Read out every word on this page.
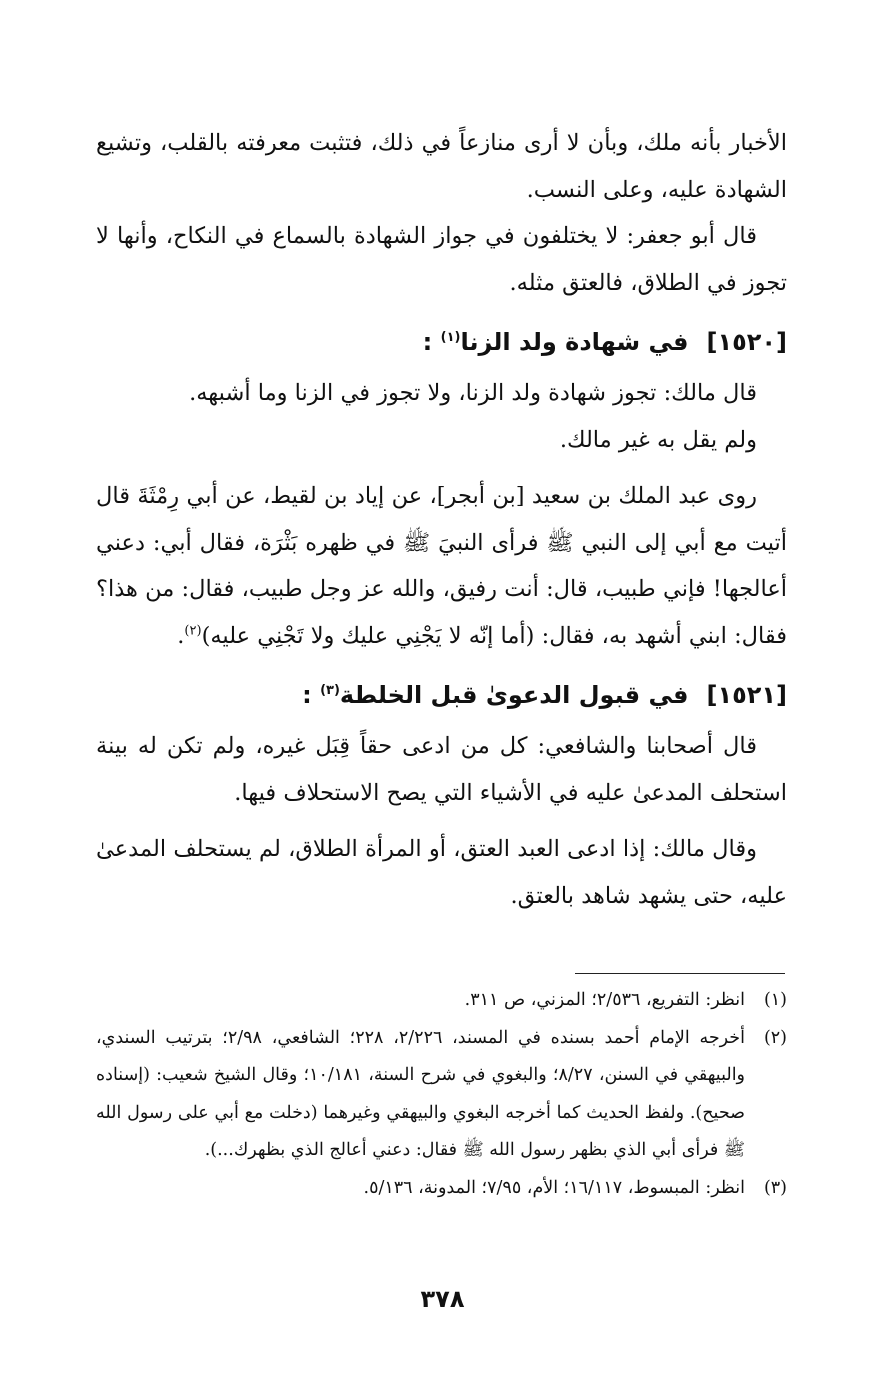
الأخبار بأنه ملك، وبأن لا أرى منازعاً في ذلك، فتثبت معرفته بالقلب، وتشيع الشهادة عليه، وعلى النسب.

قال أبو جعفر: لا يختلفون في جواز الشهادة بالسماع في النكاح، وأنها لا تجوز في الطلاق، فالعتق مثله.

[١٥٢٠]في شهادة ولد الزنا$^{(١)}$ :

قال مالك: تجوز شهادة ولد الزنا، ولا تجوز في الزنا وما أشبهه.

ولم يقل به غير مالك.

روى عبد الملك بن سعيد [بن أبجر]، عن إياد بن لقيط، عن أبي رِمْثَةَ قال أتيت مع أبي إلى النبي ﷺ فرأى النبيَ ﷺ في ظهره بَثْرَة، فقال أبي: دعني أعالجها! فإني طبيب، قال: أنت رفيق، والله عز وجل طبيب، فقال: من هذا؟ فقال: ابني أشهد به، فقال: (أما إنّه لا يَجْنِي عليك ولا تَجْنِي عليه)$^{(٢)}$.

[١٥٢١]في قبول الدعوىٰ قبل الخلطة$^{(٣)}$ :

قال أصحابنا والشافعي: كل من ادعى حقاً قِبَل غيره، ولم تكن له بينة استحلف المدعىٰ عليه في الأشياء التي يصح الاستحلاف فيها.

وقال مالك: إذا ادعى العبد العتق، أو المرأة الطلاق، لم يستحلف المدعىٰ عليه، حتى يشهد شاهد بالعتق.

(١)
انظر: التفريع، ٢/٥٣٦؛ المزني، ص ٣١١.
(٢)
أخرجه الإمام أحمد بسنده في المسند، ٢/٢٢٦، ٢٢٨؛ الشافعي، ٢/٩٨؛ بترتيب السندي، والبيهقي في السنن، ٨/٢٧؛ والبغوي في شرح السنة، ١٠/١٨١؛ وقال الشيخ شعيب: (إسناده صحيح). ولفظ الحديث كما أخرجه البغوي والبيهقي وغيرهما (دخلت مع أبي على رسول الله ﷺ فرأى أبي الذي بظهر رسول الله ﷺ فقال: دعني أعالج الذي بظهرك...).
(٣)
انظر: المبسوط، ١٦/١١٧؛ الأم، ٧/٩٥؛ المدونة، ٥/١٣٦.
٣٧٨
